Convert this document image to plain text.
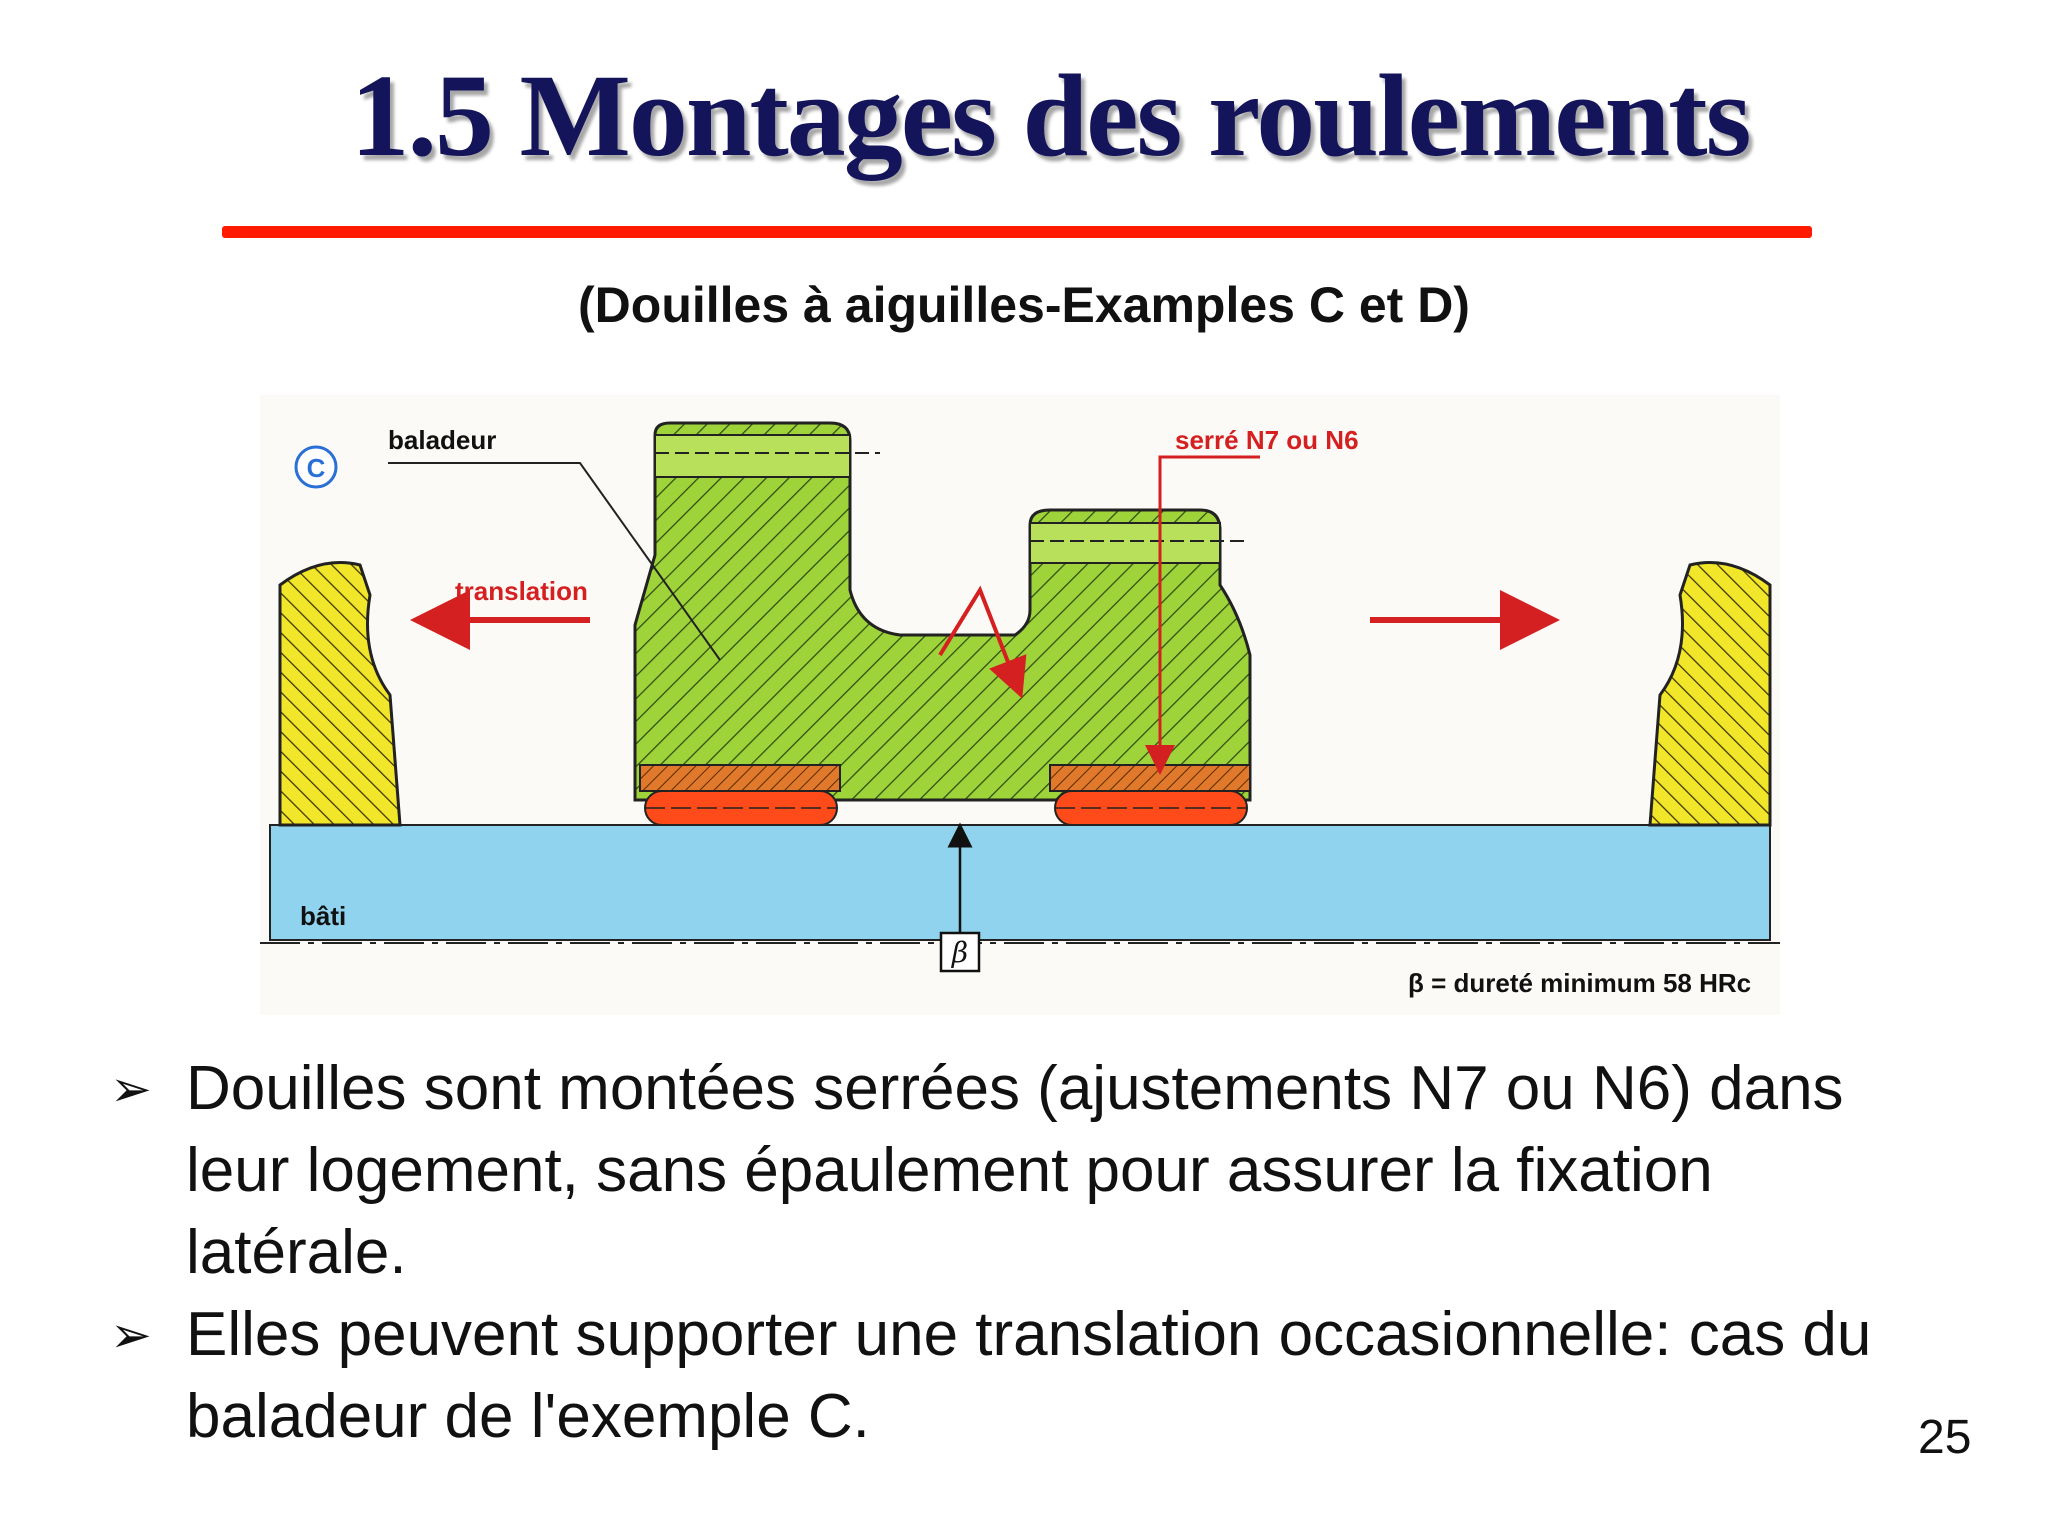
1.5 Montages des roulements
(Douilles à aiguilles-Examples C et D)
β
C
baladeur	serré N7 ou N6
translation
bâti
β = dureté minimum 58 HRc
➢ Douilles sont montées serrées (ajustements N7 ou N6) dans leur logement, sans épaulement pour assurer la fixation latérale.
➢ Elles peuvent supporter une translation occasionnelle: cas du baladeur de l'exemple C.	25
